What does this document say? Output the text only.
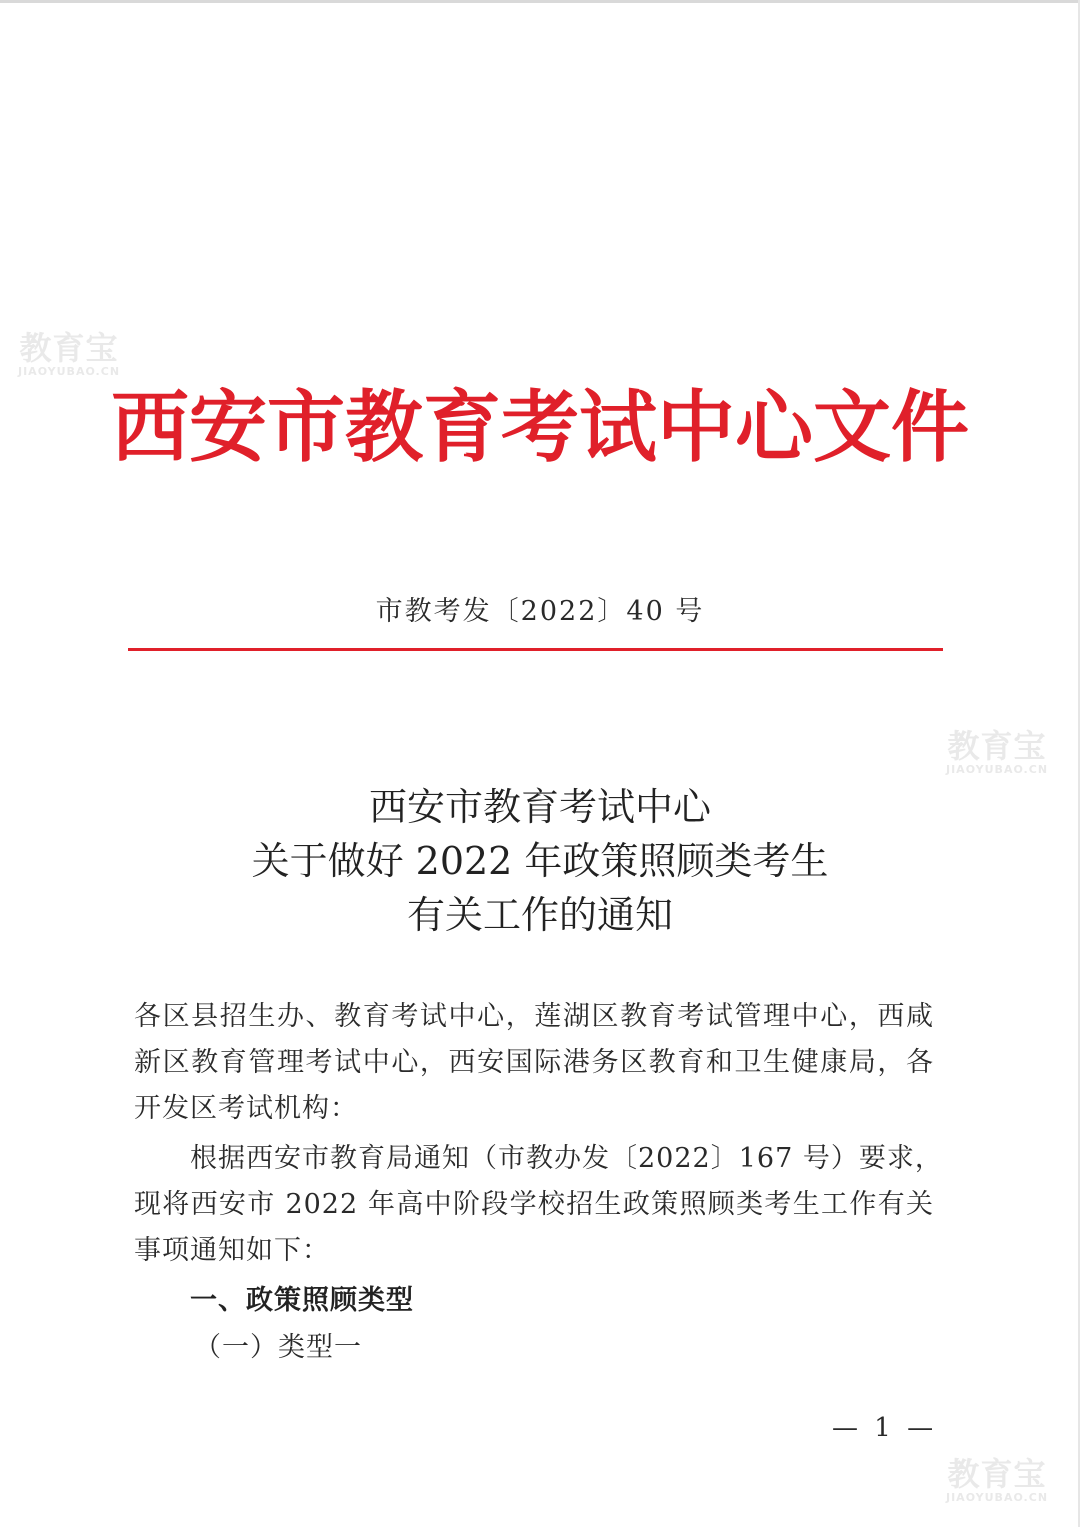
教育宝
JIAOYUBAO.CN
教育宝
JIAOYUBAO.CN
教育宝
JIAOYUBAO.CN
西安市教育考试中心文件
市教考发〔2022〕40 号
西安市教育考试中心
关于做好 2022 年政策照顾类考生
有关工作的通知
各区县招生办、教育考试中心，莲湖区教育考试管理中心，西咸
新区教育管理考试中心，西安国际港务区教育和卫生健康局，各
开发区考试机构：
根据西安市教育局通知（市教办发〔2022〕167 号）要求，
现将西安市 2022 年高中阶段学校招生政策照顾类考生工作有关
事项通知如下：
一、政策照顾类型
（一）类型一
— 1 —
